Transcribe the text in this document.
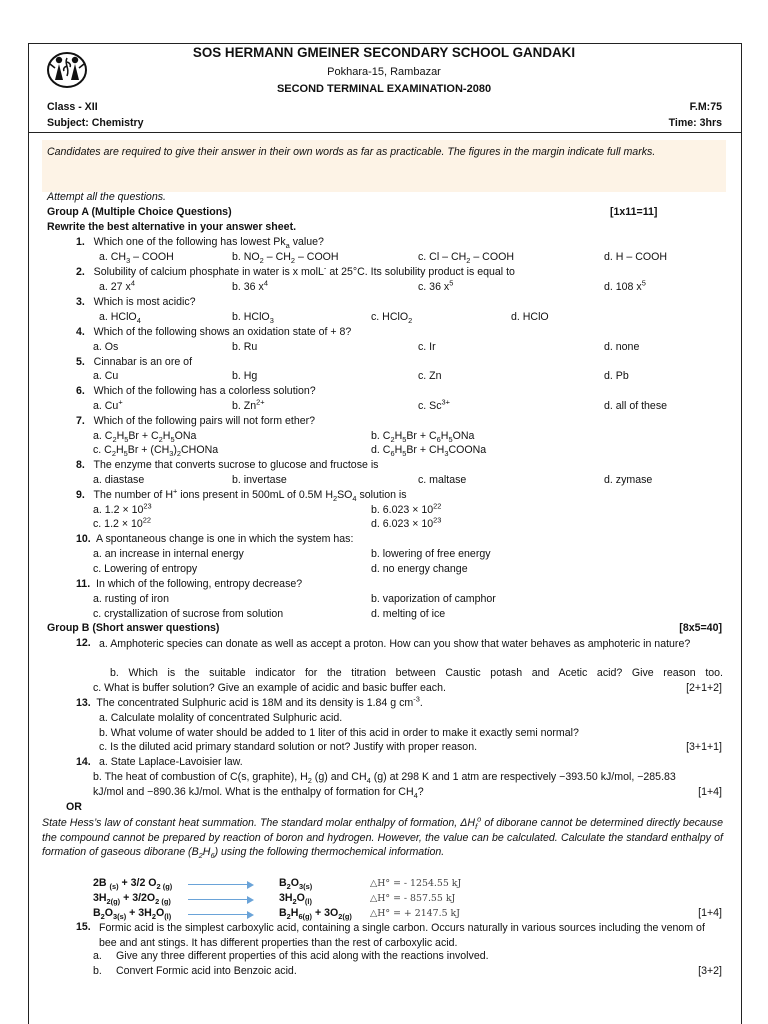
SOS HERMANN GMEINER SECONDARY SCHOOL GANDAKI
Pokhara-15, Rambazar
SECOND TERMINAL EXAMINATION-2080
Class - XII
Subject: Chemistry
F.M:75
Time: 3hrs
Candidates are required to give their answer in their own words as far as practicable. The figures in the margin indicate full marks.
Attempt all the questions.
Group A (Multiple Choice Questions)	[1x11=11]
Rewrite the best alternative in your answer sheet.
1.   Which one of the following has lowest $Pk_a$ value?
a. $CH_3$ – COOH	b. $NO_2 - CH_2$ – COOH	c. Cl – $CH_2$ – COOH	d. H – COOH
2.   Solubility of calcium phosphate in water is x molL- at 25°C. Its solubility product is equal to
a. 27 $x^4$	b. 36 $x^4$	c. 36 $x^5$	d. 108 $x^5$
3.   Which is most acidic?
a. HClO$_4$	b. HClO$_3$	c. HClO$_2$	d. HClO
4.   Which of the following shows an oxidation state of + 8?
a. Os	b. Ru	c. Ir	d. none
5.   Cinnabar is an ore of
a. Cu	b. Hg	c. Zn	d. Pb
6.   Which of the following has a colorless solution?
a. Cu+	b. $Zn^{2+}$	c. $Sc^{3+}$	d. all of these
7.   Which of the following pairs will not form ether?
a. $C_2H_5Br + C_2H_5ONa$	b. $C_2H_5Br + C_6H_5ONa$
c. $C_2H_5Br$ + $(CH_3)_2CHONa$	d. $C_6H_5Br$ + $CH_3COONa$
8.   The enzyme that converts sucrose to glucose and fructose is
a. diastase	b. invertase	c. maltase	d. zymase
9.   The number of H+ ions present in 500mL of 0.5M $H_2SO_4$ solution is
a. $1.2 \times 10^{23}$	b. $6.023 \times 10^{22}$
c. $1.2 \times 10^{22}$	d. $6.023 \times 10^{23}$
10.  A spontaneous change is one in which the system has:
a. an increase in internal energy	b. lowering of free energy
c. Lowering of entropy	d. no energy change
11.  In which of the following, entropy decrease?
a. rusting of iron	b. vaporization of camphor
c. crystallization of sucrose from solution	d. melting of ice
Group B (Short answer questions)	[8x5=40]
12. a. Amphoteric species can donate as well as accept a proton. How can you show that water behaves as amphoteric in nature?
b. Which is the suitable indicator for the titration between Caustic potash and Acetic acid? Give reason too.
c. What is buffer solution? Give an example of acidic and basic buffer each.	[2+1+2]
13.  The concentrated Sulphuric acid is 18M and its density is 1.84 g $cm^{-3}$.
a. Calculate molality of concentrated Sulphuric acid.
b. What volume of water should be added to 1 liter of this acid in order to make it exactly semi normal?
c. Is the diluted acid primary standard solution or not? Justify with proper reason.	[3+1+1]
14. a. State Laplace-Lavoisier law.
b. The heat of combustion of C(s, graphite), $H_2$ (g) and $CH_4$ (g) at 298 K and 1 atm are respectively −393.50 kJ/mol, −285.83
kJ/mol and −890.36 kJ/mol. What is the enthalpy of formation for $CH_4$?	[1+4]
OR
State Hess’s law of constant heat summation. The standard molar enthalpy of formation, $\Delta H_f^o$ of diborane cannot be determined directly because the compound cannot be prepared by reaction of boron and hydrogen. However, the value can be calculated. Calculate the standard enthalpy of formation of gaseous diborane $(B_2H_6)$ using the following thermochemical information.
2B $_{(s)}$ + 3/2 $O_{2 (g)}$	$B_2O_{3(s)}$	△H° = - 1254.55 kJ
$3H_{2(g)} + 3/2O_{2 (g)}$	$3H_2O_{(l)}$	△H° = - 857.55 kJ
$B_2O_{3(s)} + 3H_2O_{(l)}$	$B_2H_{6(g)} + 3O_{2(g)}$ △H° = + 2147.5 kJ	[1+4]
15. Formic acid is the simplest carboxylic acid, containing a single carbon. Occurs naturally in various sources including the venom of bee and ant stings. It has different properties than the rest of carboxylic acid.
a. Give any three different properties of this acid along with the reactions involved.
b. Convert Formic acid into Benzoic acid.	[3+2]
